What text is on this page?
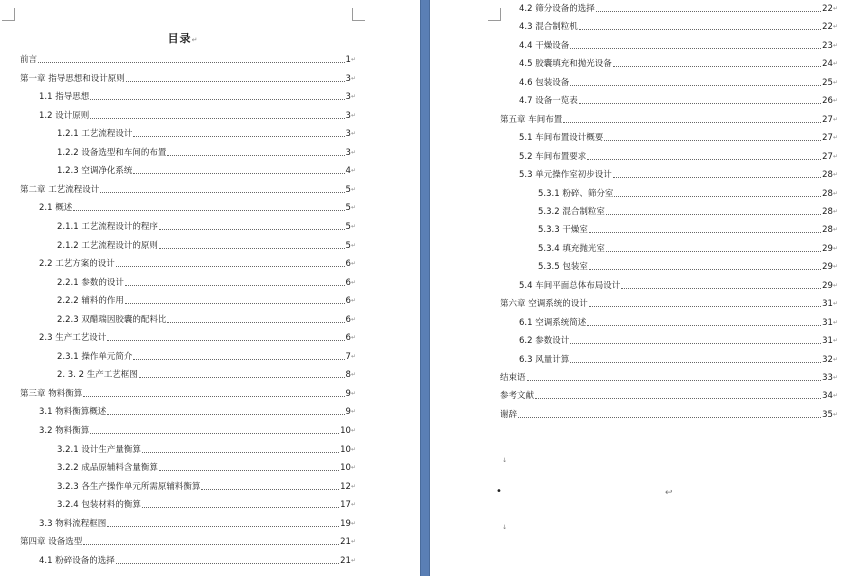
目录↵
前言	1 ↵
第一章 指导思想和设计原则	3 ↵
1.1 指导思想	3 ↵
1.2 设计原则	3 ↵
1.2.1 工艺流程设计	3 ↵
1.2.2 设备选型和车间的布置	3 ↵
1.2.3 空调净化系统	4 ↵
第二章 工艺流程设计	5 ↵
2.1 概述	5 ↵
2.1.1 工艺流程设计的程序	5 ↵
2.1.2 工艺流程设计的原则	5 ↵
2.2 工艺方案的设计	6 ↵
2.2.1 参数的设计	6 ↵
2.2.2 辅料的作用	6 ↵
2.2.3 双醋瑞因胶囊的配料比	6 ↵
2.3 生产工艺设计	6 ↵
2.3.1 操作单元简介	7 ↵
2. 3. 2 生产工艺框图	8 ↵
第三章 物料衡算	9 ↵
3.1 物料衡算概述	9 ↵
3.2 物料衡算	10 ↵
3.2.1 设计生产量衡算	10 ↵
3.2.2 成品原辅料含量衡算	10 ↵
3.2.3 各生产操作单元所需原辅料衡算	12 ↵
3.2.4 包装材料的衡算	17 ↵
3.3 物料流程框图	19 ↵
第四章 设备选型	21 ↵
4.1 粉碎设备的选择	21 ↵
4.2 筛分设备的选择	22 ↵
4.3 混合制粒机	22 ↵
4.4 干燥设备	23 ↵
4.5 胶囊填充和抛光设备	24 ↵
4.6 包装设备	25 ↵
4.7 设备一览表	26 ↵
第五章 车间布置	27 ↵
5.1 车间布置设计概要	27 ↵
5.2 车间布置要求	27 ↵
5.3 单元操作室初步设计	28 ↵
5.3.1 粉碎、筛分室	28 ↵
5.3.2 混合制粒室	28 ↵
5.3.3 干燥室	28 ↵
5.3.4 填充抛光室	29 ↵
5.3.5 包装室	29 ↵
5.4 车间平面总体布局设计	29 ↵
第六章 空调系统的设计	31 ↵
6.1 空调系统简述	31 ↵
6.2 参数设计	31 ↵
6.3 风量计算	32 ↵
结束语	33 ↵
参考文献	34 ↵
谢辞	35 ↵
↓
•	↩
↓
